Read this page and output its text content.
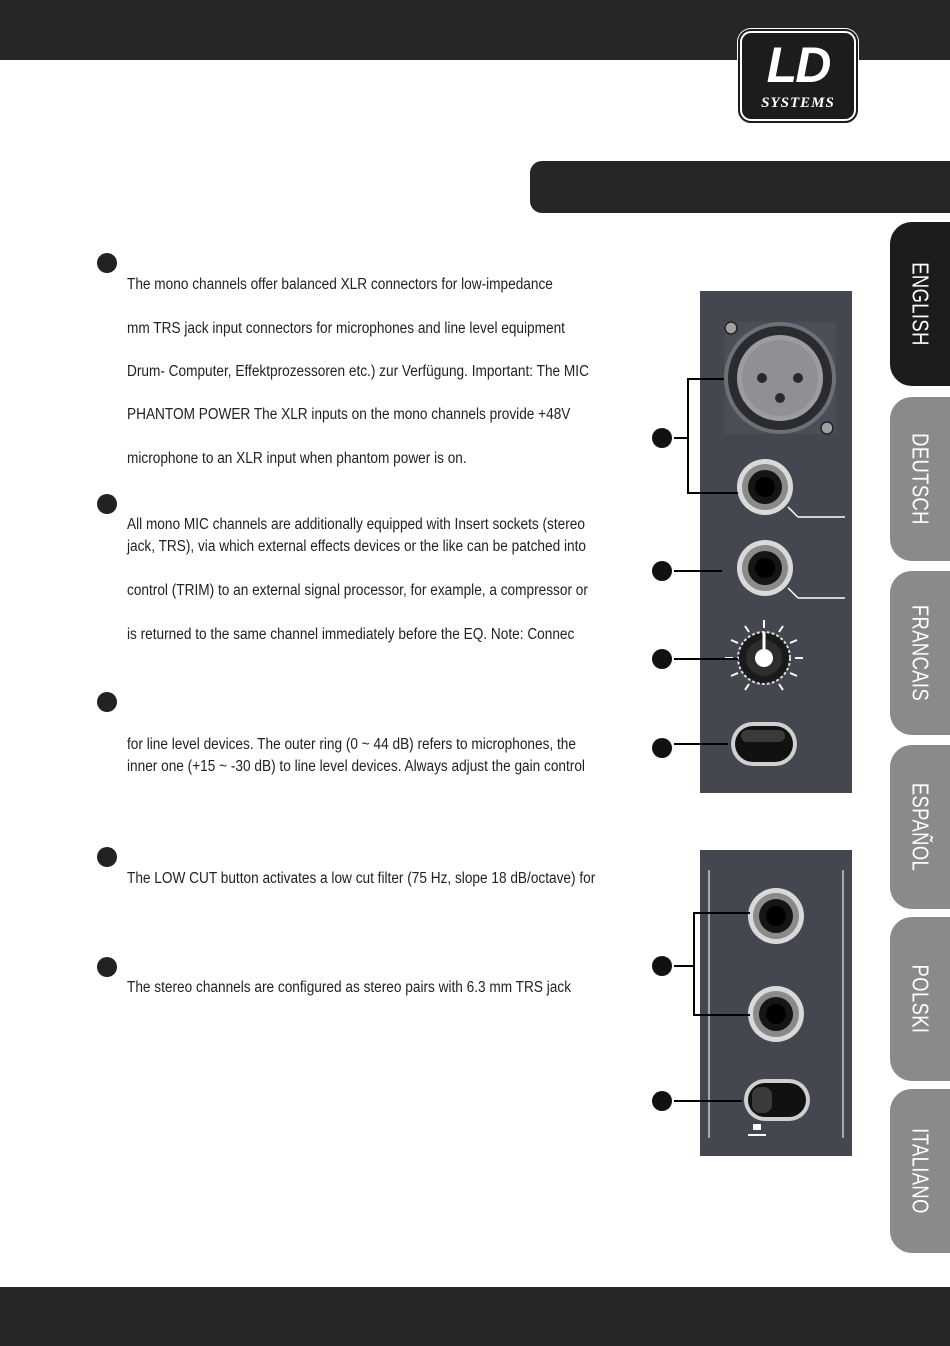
LD
SYSTEMS
The mono channels offer balanced XLR connectors for low-impedance
mm TRS jack input connectors for microphones and line level equipment
Drum- Computer, Effektprozessoren etc.) zur Verfügung. Important: The MIC
PHANTOM POWER The XLR inputs on the mono channels provide +48V
microphone to an XLR input when phantom power is on.
All mono MIC channels are additionally equipped with Insert sockets (stereo
jack, TRS), via which external effects devices or the like can be patched into
control (TRIM) to an external signal processor, for example, a compressor or
is returned to the same channel immediately before the EQ. Note: Connec
for line level devices. The outer ring (0 ~ 44 dB) refers to microphones, the
inner one (+15 ~ -30 dB) to line level devices. Always adjust the gain control
The LOW CUT button activates a low cut filter (75 Hz, slope 18 dB/octave) for
The stereo channels are configured as stereo pairs with 6.3 mm TRS jack
ENGLISH
DEUTSCH
FRANCAIS
ESPAÑOL
POLSKI
ITALIANO
